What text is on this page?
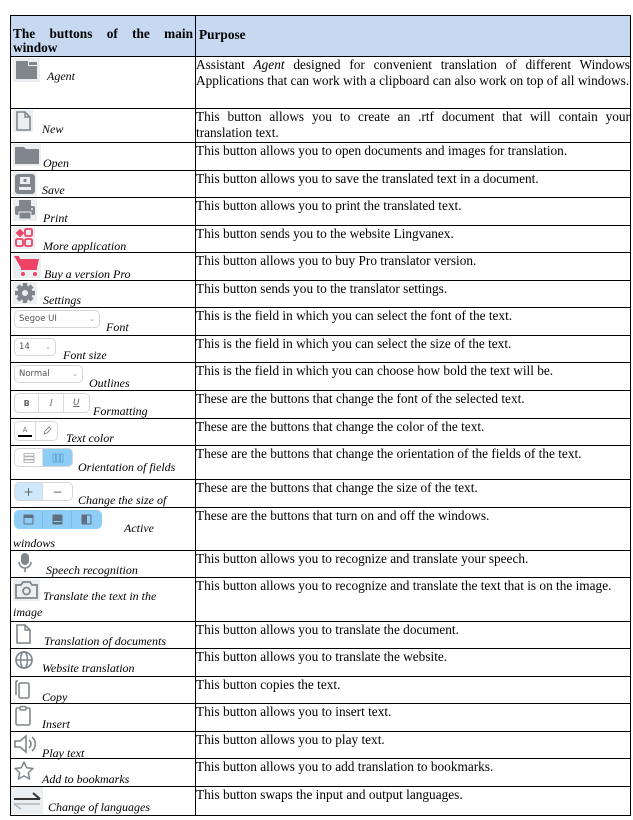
The buttons of the main window	Purpose

Agent	Assistant Agent designed for convenient translation of different Windows Applications that can work with a clipboard can also work on top of all windows.

New	This button allows you to create an .rtf document that will contain your translation text.

Open	This button allows you to open documents and images for translation.

Save	This button allows you to save the translated text in a document.

Print	This button allows you to print the translated text.

More application	This button sends you to the website Lingvanex.

Buy a version Pro	This button allows you to buy Pro translator version.

Settings	This button sends you to the translator settings.

Segoe UI ⌄
Font	This is the field in which you can select the font of the text.

14 ⌄
Font size	This is the field in which you can select the size of the text.

Normal ⌄
Outlines	This is the field in which you can choose how bold the text will be.

B I U
Formatting	These are the buttons that change the font of the selected text.

A
Text color	These are the buttons that change the color of the text.

Orientation of fields	These are the buttons that change the orientation of the fields of the text.

+ −
Change the size of	These are the buttons that change the size of the text.

Active
windows	These are the buttons that turn on and off the windows.

Speech recognition	This button allows you to recognize and translate your speech.

Translate the text in the
image	This button allows you to recognize and translate the text that is on the image.

Translation of documents	This button allows you to translate the document.

Website translation	This button allows you to translate the website.

Copy	This button copies the text.

Insert	This button allows you to insert text.

Play text	This button allows you to play text.

Add to bookmarks	This button allows you to add translation to bookmarks.

Change of languages	This button swaps the input and output languages.
